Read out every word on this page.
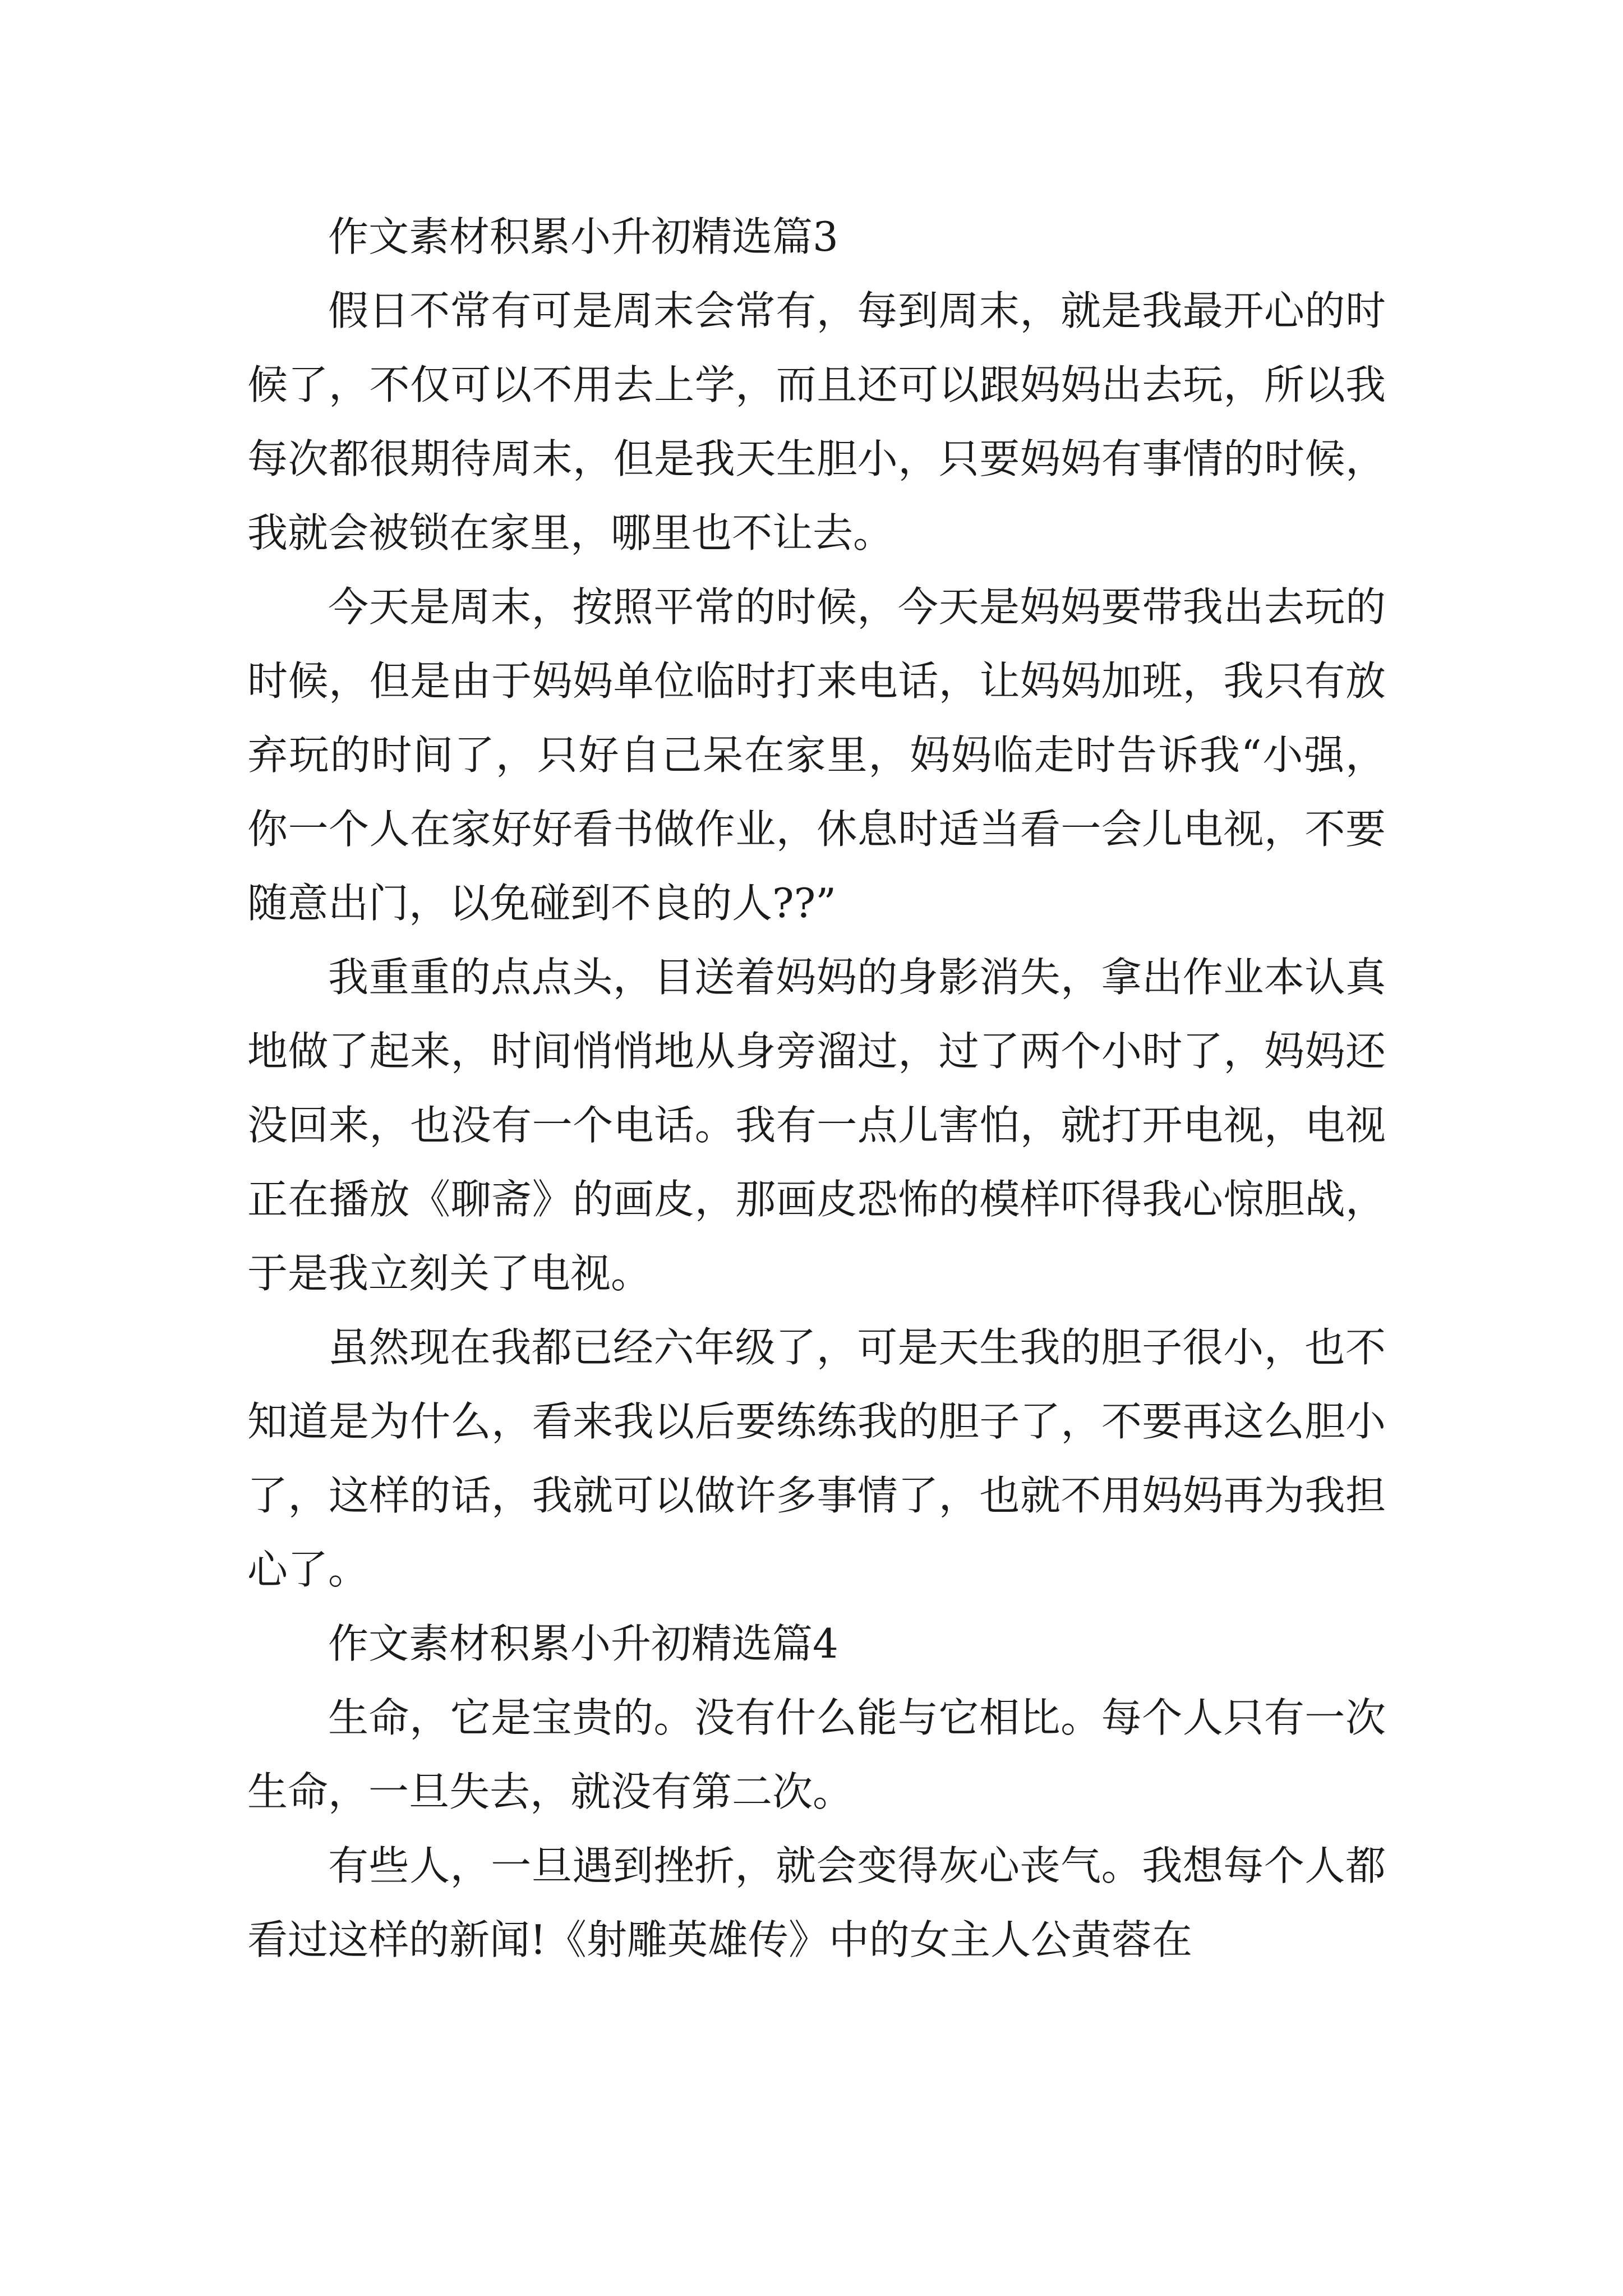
作文素材积累小升初精选篇3

假日不常有可是周末会常有，每到周末，就是我最开心的时候了，不仅可以不用去上学，而且还可以跟妈妈出去玩，所以我每次都很期待周末，但是我天生胆小，只要妈妈有事情的时候，我就会被锁在家里，哪里也不让去。

今天是周末，按照平常的时候，今天是妈妈要带我出去玩的时候，但是由于妈妈单位临时打来电话，让妈妈加班，我只有放弃玩的时间了，只好自己呆在家里，妈妈临走时告诉我“小强，你一个人在家好好看书做作业，休息时适当看一会儿电视，不要随意出门，以免碰到不良的人??”

我重重的点点头，目送着妈妈的身影消失，拿出作业本认真地做了起来，时间悄悄地从身旁溜过，过了两个小时了，妈妈还没回来，也没有一个电话。我有一点儿害怕，就打开电视，电视正在播放《聊斋》的画皮，那画皮恐怖的模样吓得我心惊胆战，于是我立刻关了电视。

虽然现在我都已经六年级了，可是天生我的胆子很小，也不知道是为什么，看来我以后要练练我的胆子了，不要再这么胆小了，这样的话，我就可以做许多事情了，也就不用妈妈再为我担心了。

作文素材积累小升初精选篇4

生命，它是宝贵的。没有什么能与它相比。每个人只有一次生命，一旦失去，就没有第二次。

有些人，一旦遇到挫折，就会变得灰心丧气。我想每个人都看过这样的新闻!《射雕英雄传》中的女主人公黄蓉在
